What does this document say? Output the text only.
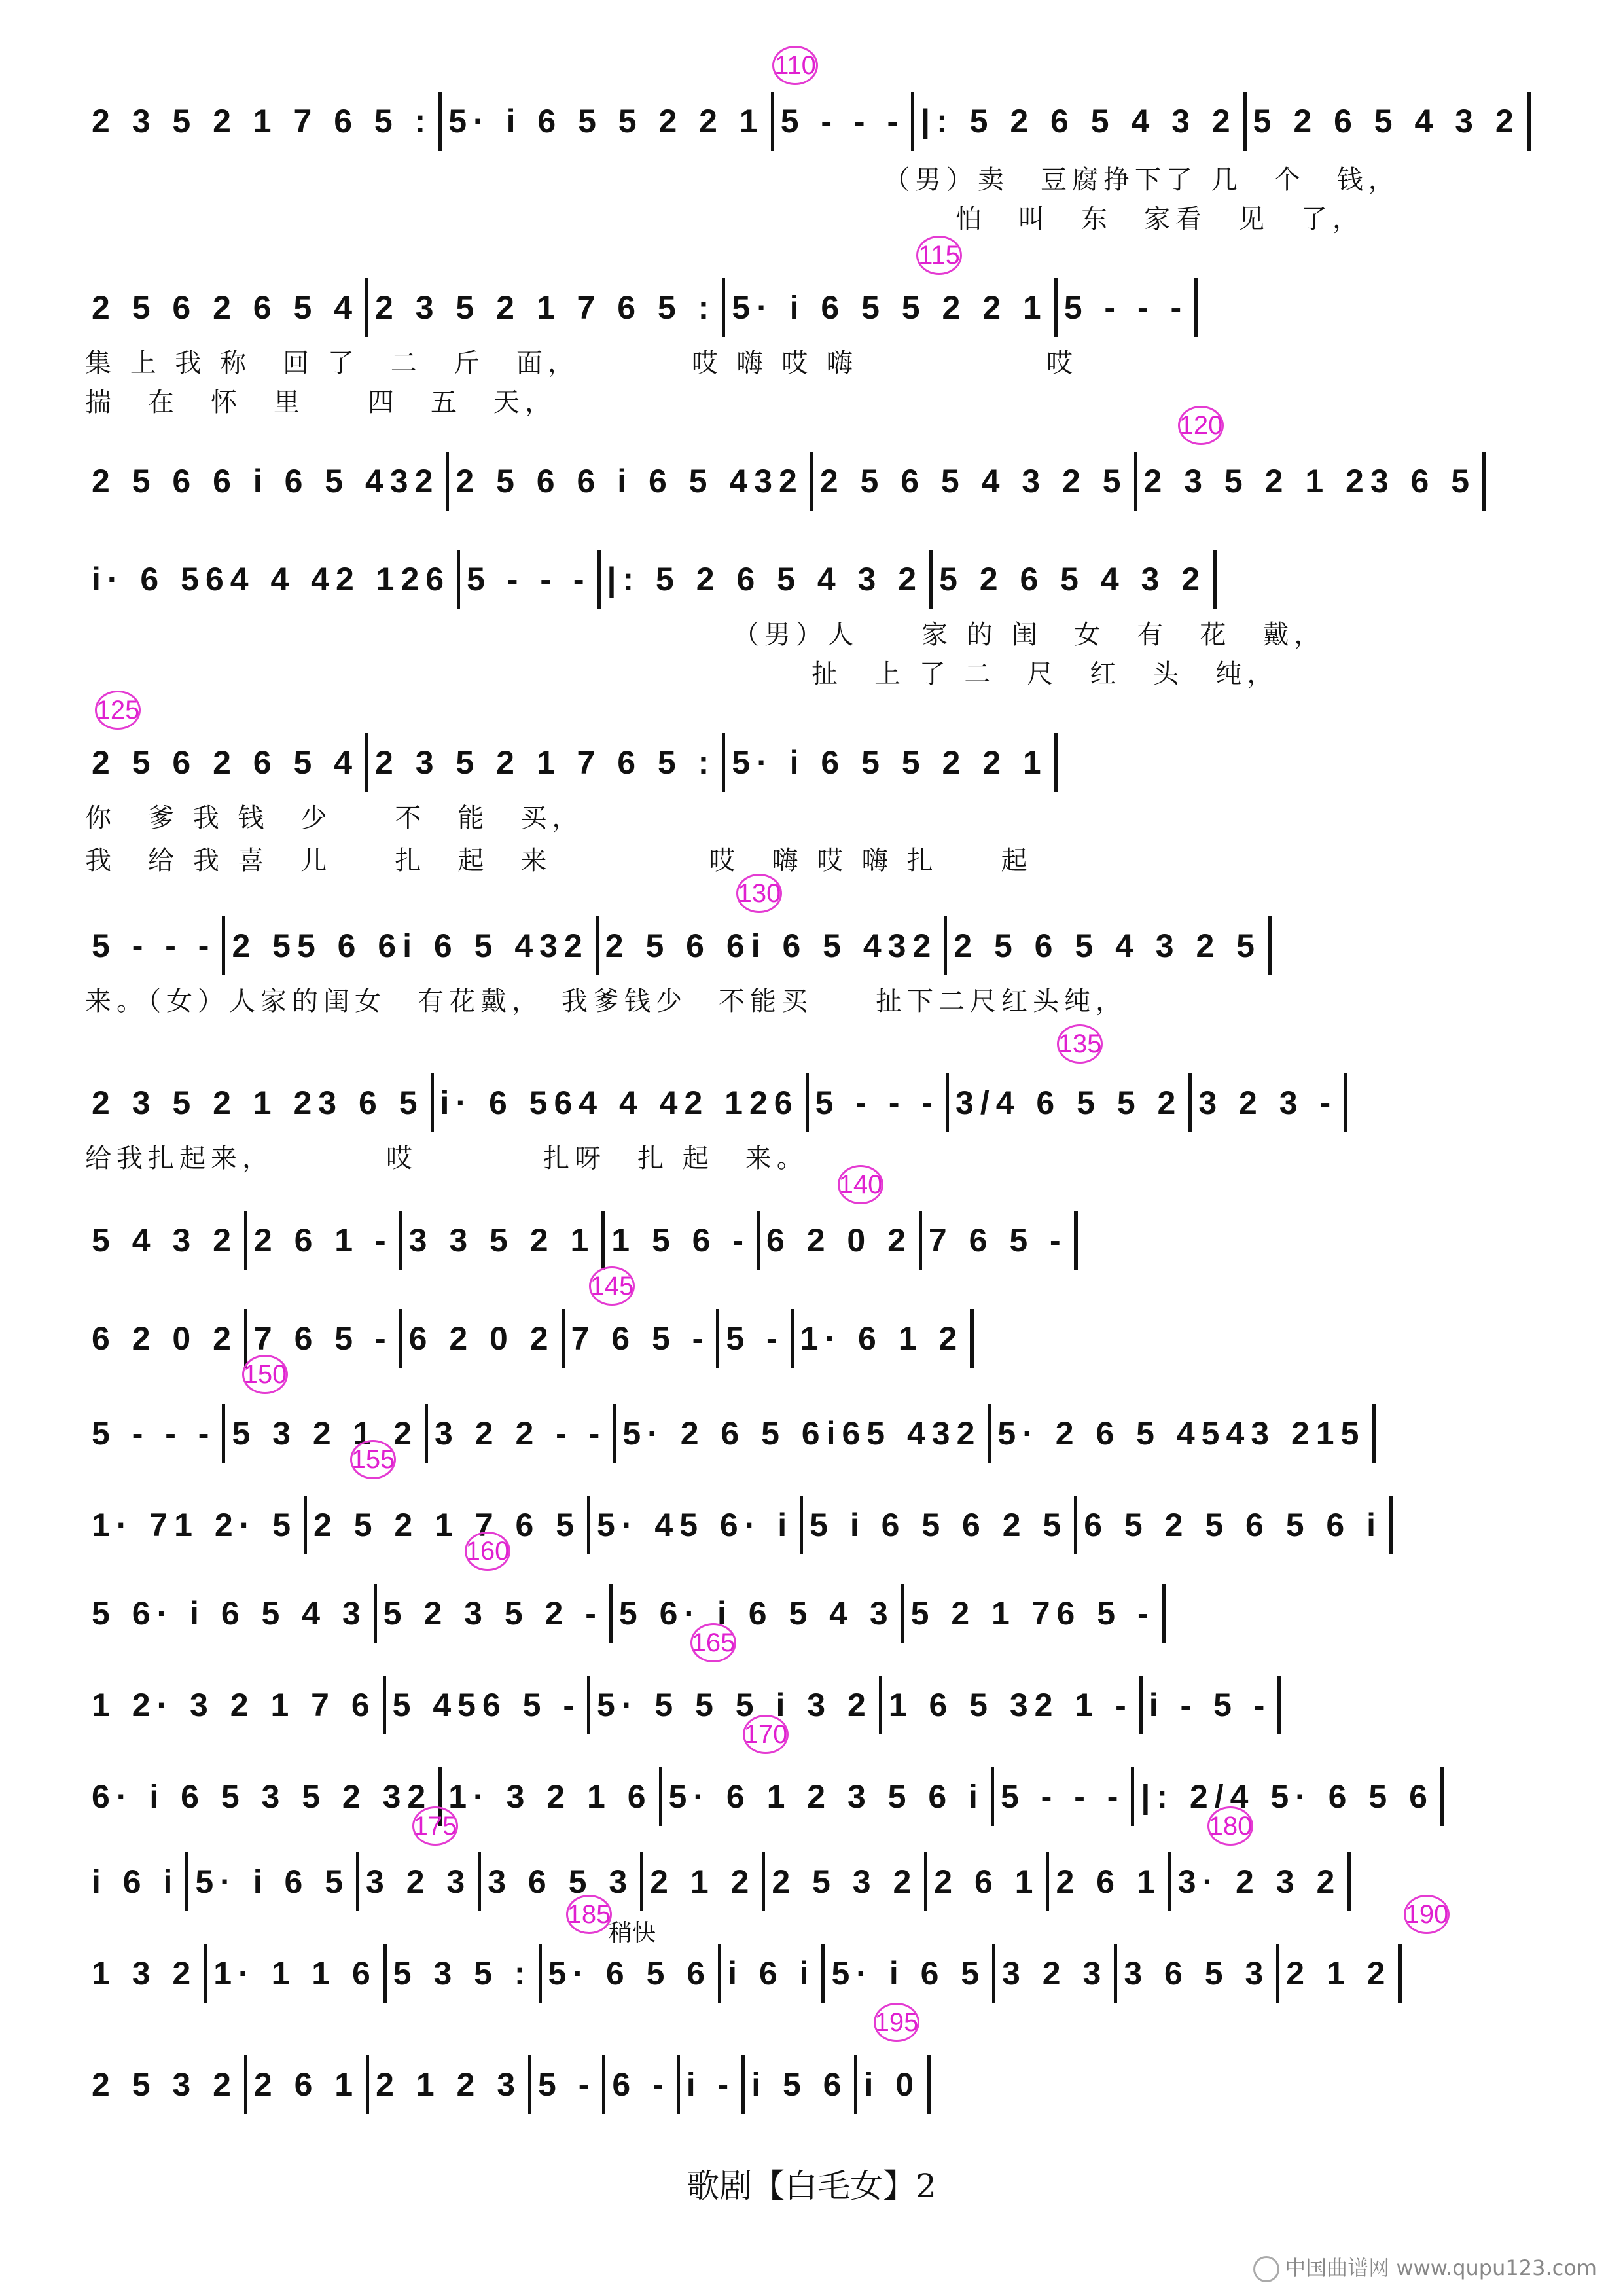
2 3 5 2 1 7 6 5 : 5· i 6 5 5 2 2 1 5 - - - |: 5 2 6 5 4 3 2 5 2 6 5 4 3 2
2 5 6 2 6 5 4 2 3 5 2 1 7 6 5 : 5· i 6 5 5 2 2 1 5 - - -
2 5 6 6 i 6 5 432 2 5 6 6 i 6 5 432 2 5 6 5 4 3 2 5 2 3 5 2 1 23 6 5
i· 6 564 4 42 126 5 - - - |: 5 2 6 5 4 3 2 5 2 6 5 4 3 2
2 5 6 2 6 5 4 2 3 5 2 1 7 6 5 : 5· i 6 5 5 2 2 1
5 - - - 2 55 6 6i 6 5 432 2 5 6 6i 6 5 432 2 5 6 5 4 3 2 5
2 3 5 2 1 23 6 5 i· 6 564 4 42 126 5 - - - 3/4 6 5 5 2 3 2 3 -
5 4 3 2 2 6 1 - 3 3 5 2 1 1 5 6 - 6 2 0 2 7 6 5 -
6 2 0 2 7 6 5 - 6 2 0 2 7 6 5 - 5 - 1· 6 1 2
5 - - - 5 3 2 1 2 3 2 2 - - 5· 2 6 5 6i65 432 5· 2 6 5 4543 215
1· 71 2· 5 2 5 2 1 7 6 5 5· 45 6· i 5 i 6 5 6 2 5 6 5 2 5 6 5 6 i
5 6· i 6 5 4 3 5 2 3 5 2 - 5 6· i 6 5 4 3 5 2 1 76 5 -
1 2· 3 2 1 7 6 5 456 5 - 5· 5 5 5 i 3 2 1 6 5 32 1 - i - 5 -
6· i 6 5 3 5 2 32 1· 3 2 1 6 5· 6 1 2 3 5 6 i 5 - - - |: 2/4 5· 6 5 6
i 6 i 5· i 6 5 3 2 3 3 6 5 3 2 1 2 2 5 3 2 2 6 1 2 6 1 3· 2 3 2
1 3 2 1· 1 1 6 5 3 5 : 5· 6 5 6 i 6 i 5· i 6 5 3 2 3 3 6 5 3 2 1 2
2 5 3 2 2 6 1 2 1 2 3 5 - 6 - i - i 5 6 i 0
（男）卖　豆腐挣下了 几　个　钱，
怕　叫　东　家看　见　了，
集 上 我 称　回 了　二　斤　面，　　　　哎 嗨 哎 嗨　　　　　　哎
揣　在　怀　里　　四　五　天，
（男）人　　家 的 闺　女　有　花　戴，
扯　上 了 二　尺　红　头　纯，
你　爹 我 钱　少　　不　能　买，
我　给 我 喜　儿　　扎　起　来　　　　　哎　嗨 哎 嗨 扎　　起
来。（女）人家的闺女　有花戴，　我爹钱少　不能买　　扯下二尺红头纯，
给我扎起来，　　　　哎　　　　扎呀　扎 起　来。
110
115
120
125
130
135
140
145
150
155
160
165
170
175	180
185	190
195
稍快
歌剧【白毛女】2
中国曲谱网 www.qupu123.com
